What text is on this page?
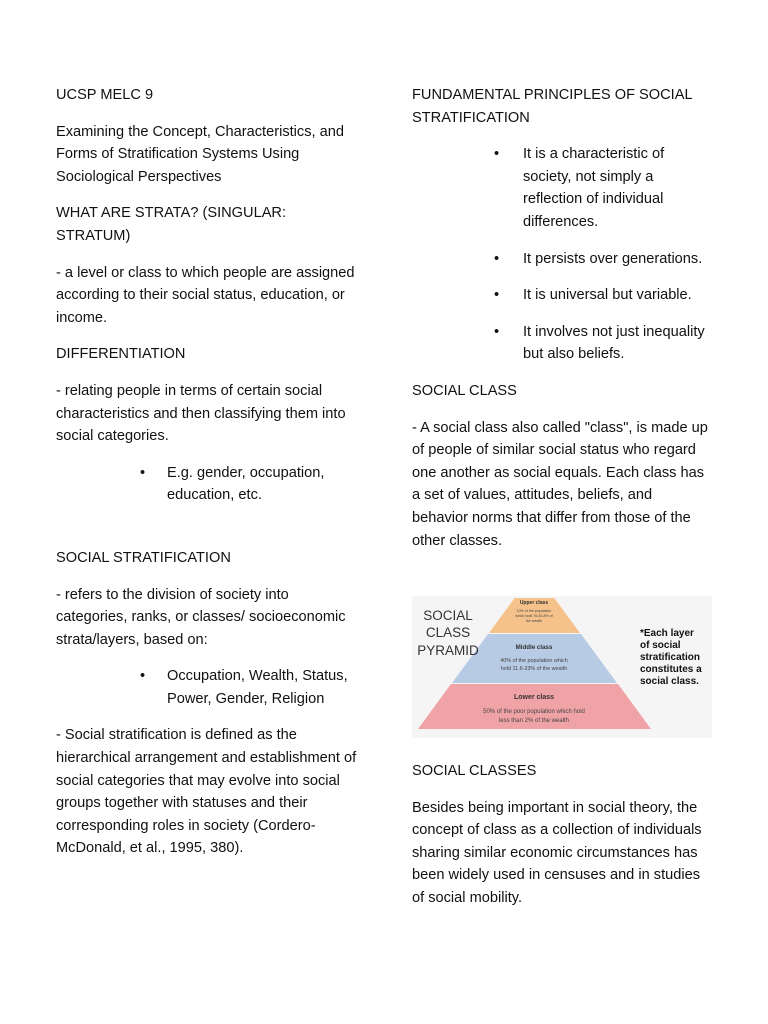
UCSP MELC 9

Examining the Concept, Characteristics, and Forms of Stratification Systems Using Sociological Perspectives

WHAT ARE STRATA? (SINGULAR: STRATUM)

- a level or class to which people are assigned according to their social status, education, or income.

DIFFERENTIATION

- relating people in terms of certain social characteristics and then classifying them into social categories.

• E.g. gender, occupation, education, etc.

SOCIAL STRATIFICATION

- refers to the division of society into categories, ranks, or classes/ socioeconomic strata/layers, based on:

• Occupation, Wealth, Status, Power, Gender, Religion

- Social stratification is defined as the hierarchical arrangement and establishment of social categories that may evolve into social groups together with statuses and their corresponding roles in society (Cordero-McDonald, et al., 1995, 380).

FUNDAMENTAL PRINCIPLES OF SOCIAL STRATIFICATION

• It is a characteristic of society, not simply a reflection of individual differences.
• It persists over generations.
• It is universal but variable.
• It involves not just inequality but also beliefs.

SOCIAL CLASS

- A social class also called "class", is made up of people of similar social status who regard one another as social equals. Each class has a set of values, attitudes, beliefs, and behavior norms that differ from those of the other classes.

SOCIAL
CLASS
PYRAMID
*Each layer
of social
stratification
constitutes a
social class.
Upper class
10% of the population
which hold 76-81.8% of
the wealth
Middle class
40% of the population which
hold 11.6-23% of the wealth
Lower class
50% of the poor population which hold
less than 2% of the wealth

SOCIAL CLASSES

Besides being important in social theory, the concept of class as a collection of individuals sharing similar economic circumstances has been widely used in censuses and in studies of social mobility.
